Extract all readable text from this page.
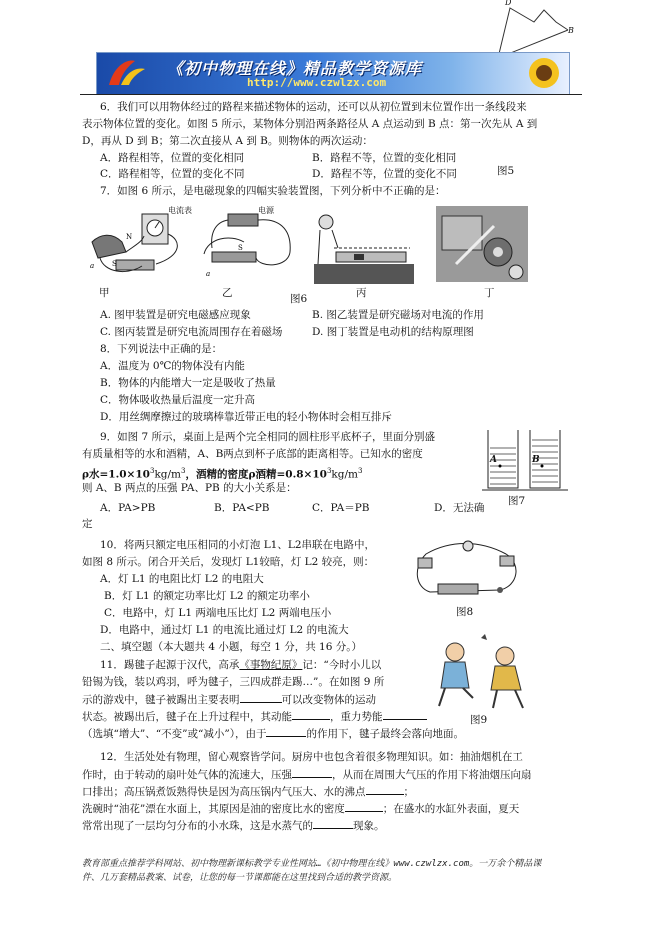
D
B
《初中物理在线》精品教学资源库
http://www.czwlzx.com
6．我们可以用物体经过的路程来描述物体的运动，还可以从初位置到末位置作出一条线段来
表示物体位置的变化。如图 5 所示，某物体分别沿两条路径从 A 点运动到 B 点：第一次先从 A 到
D，再从 D 到 B；第二次直接从 A 到 B。则物体的两次运动：
A．路程相等，位置的变化相同	B．路程不等，位置的变化相同
C．路程相等，位置的变化不同	D．路程不等，位置的变化不同	图5
7．如图 6 所示，是电磁现象的四幅实验装置图，下列分析中不正确的是：
N
S
a
电流表
a
S
电源
甲	乙	图6	丙	丁
A. 图甲装置是研究电磁感应现象	B. 图乙装置是研究磁场对电流的作用
C. 图丙装置是研究电流周围存在着磁场	D. 图丁装置是电动机的结构原理图
8．下列说法中正确的是：
A．温度为 0℃的物体没有内能
B．物体的内能增大一定是吸收了热量
C．物体吸收热量后温度一定升高
D．用丝绸摩擦过的玻璃棒靠近带正电的轻小物体时会相互排斥
9．如图 7 所示，桌面上是两个完全相同的圆柱形平底杯子，里面分别盛
有质量相等的水和酒精，A、B两点到杯子底部的距离相等。已知水的密度
ρ水$=1.0\times 10^3kg/m^3$，酒精的密度ρ酒精$=0.8\times 10^3kg/m^3$
则 A、B 两点的压强 PA、PB 的大小关系是：
A．PA>PB	B．PA<PB	C．PA＝PB	D．无法确
定
A	B
图7
10．将两只额定电压相同的小灯泡 L1、L2串联在电路中，
如图 8 所示。闭合开关后，发现灯 L1较暗，灯 L2 较亮，则：
A．灯 L1 的电阻比灯 L2 的电阻大
B．灯 L1 的额定功率比灯 L2 的额定功率小
C．电路中，灯 L1 两端电压比灯 L2 两端电压小
D．电路中，通过灯 L1 的电流比通过灯 L2 的电流大
图8
二、填空题（本大题共 4 小题，每空 1 分，共 16 分。）
11．踢毽子起源于汉代，高承《事物纪原》记：“今时小儿以
铅锡为钱，装以鸡羽，呼为毽子，三四成群走踢…”。在如图 9 所
示的游戏中，毽子被踢出主要表明	可以改变物体的运动
状态。被踢出后，毽子在上升过程中，其动能	，重力势能
（选填“增大”、“不变”或“减小”），由于	的作用下，毽子最终会落向地面。
图9
12．生活处处有物理，留心观察皆学问。厨房中也包含着很多物理知识。如：抽油烟机在工
作时，由于转动的扇叶处气体的流速大，压强	，从而在周围大气压的作用下将油烟压向扇
口排出；高压锅煮饭熟得快是因为高压锅内气压大、水的沸点	；
洗碗时“油花”漂在水面上，其原因是油的密度比水的密度	；在盛水的水缸外表面，夏天
常常出现了一层均匀分布的小水珠，这是水蒸气的	现象。
教育部重点推荐学科网站、初中物理新课标教学专业性网站…《初中物理在线》www.czwlzx.com。一万余个精品课
件、几万套精品教案、试卷，让您的每一节课都能在这里找到合适的教学资源。
